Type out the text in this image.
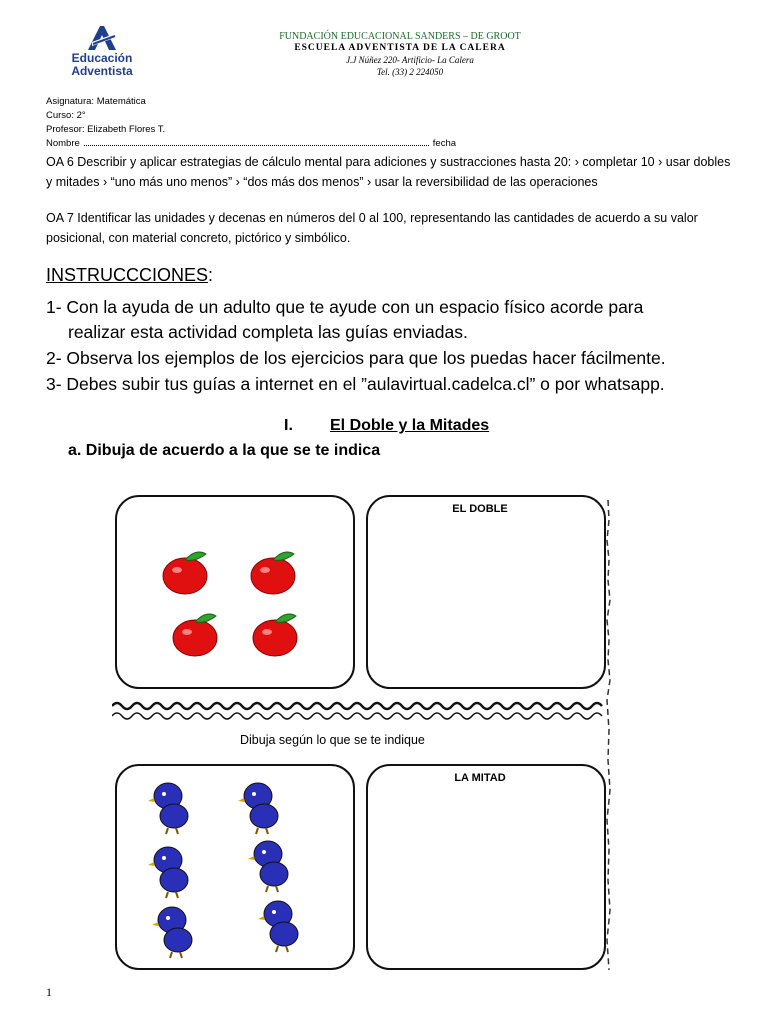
Educación
Adventista
FUNDACIÓN EDUCACIONAL SANDERS – DE GROOT
ESCUELA ADVENTISTA DE LA CALERA
J.J Núñez 220- Artificio- La Calera
Tel. (33) 2 224050
Asignatura: Matemática
Curso: 2°
Profesor: Elizabeth Flores T.
Nombre	fecha
OA 6 Describir y aplicar estrategias de cálculo mental para adiciones y sustracciones hasta 20: › completar 10 › usar dobles y mitades › “uno más uno menos” › “dos más dos menos” › usar la reversibilidad de las operaciones
OA 7 Identificar las unidades y decenas en números del 0 al 100, representando las cantidades de acuerdo a su valor posicional, con material concreto, pictórico y simbólico.
INSTRUCCCIONES:
1- Con la ayuda de un adulto que te ayude con un espacio físico acorde para
realizar esta actividad completa las guías enviadas.
2- Observa los ejemplos de los ejercicios para que los puedas hacer fácilmente.
3- Debes subir tus guías a internet en el ”aulavirtual.cadelca.cl” o por whatsapp.
I. El Doble y la Mitades
a. Dibuja de acuerdo a la que se te indica
EL DOBLE
Dibuja según lo que se te indique
LA MITAD
1
